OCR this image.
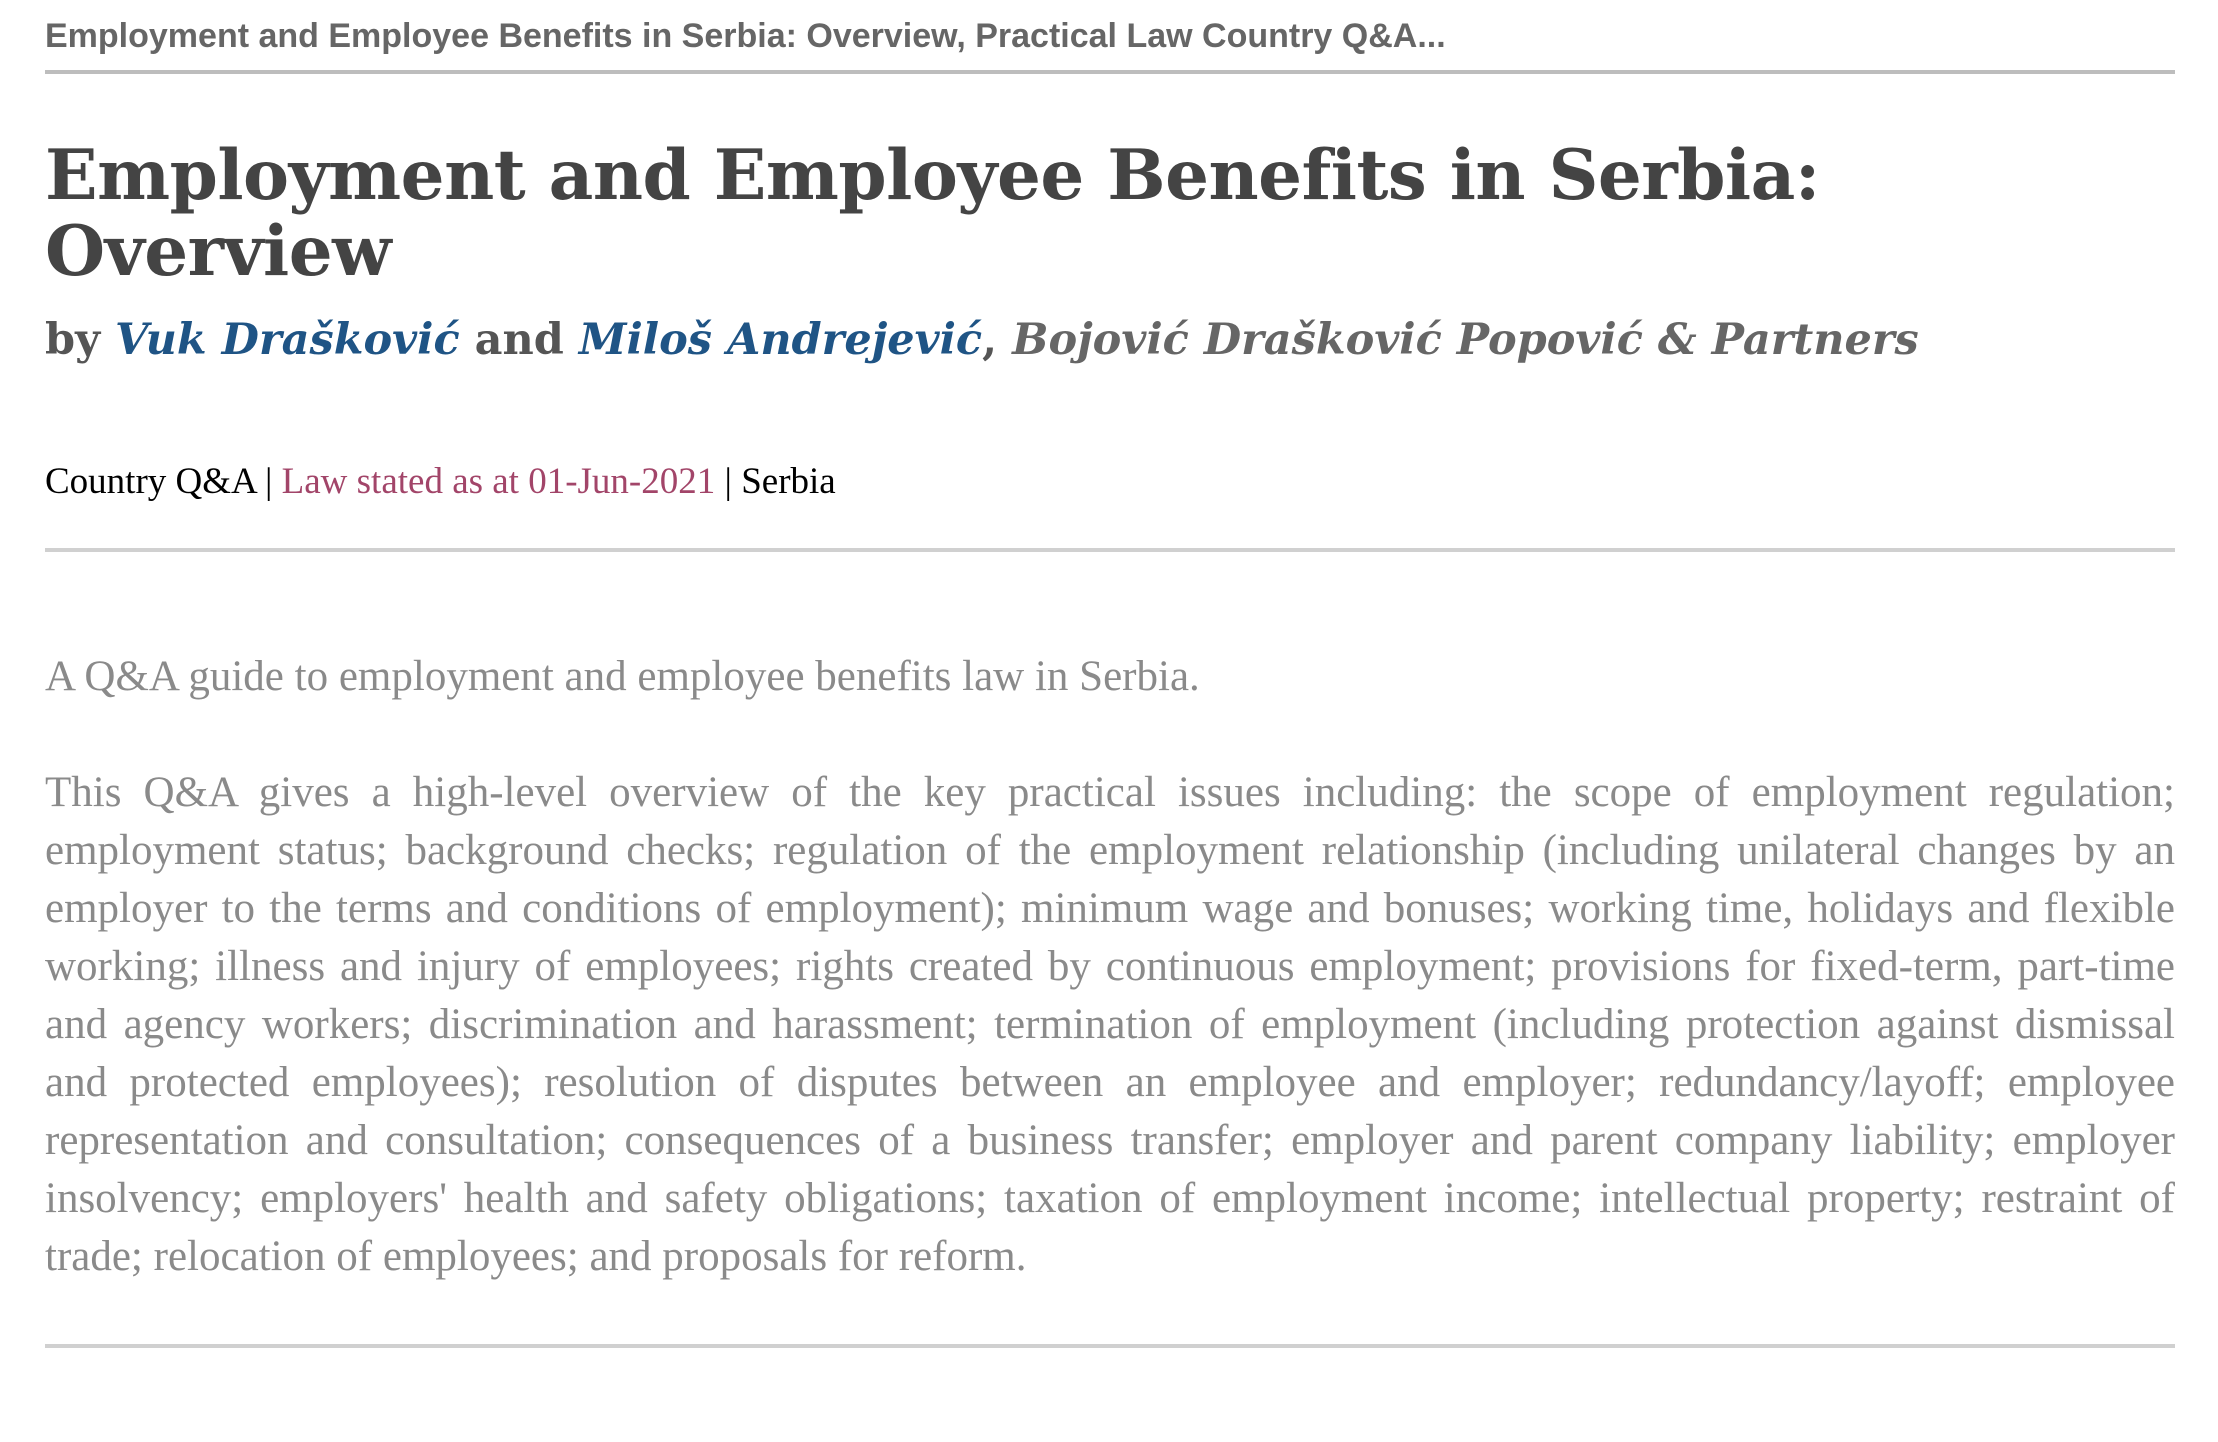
Employment and Employee Benefits in Serbia: Overview, Practical Law Country Q&A...
Employment and Employee Benefits in Serbia: Overview
by Vuk Drašković and Miloš Andrejević, Bojović Drašković Popović & Partners
Country Q&A | Law stated as at 01-Jun-2021 | Serbia

A Q&A guide to employment and employee benefits law in Serbia.

This Q&A gives a high-level overview of the key practical issues including: the scope of employment regulation; employment status; background checks; regulation of the employment relationship (including unilateral changes by an employer to the terms and conditions of employment); minimum wage and bonuses; working time, holidays and flexible working; illness and injury of employees; rights created by continuous employment; provisions for fixed-term, part-time and agency workers; discrimination and harassment; termination of employment (including protection against dismissal and protected employees); resolution of disputes between an employee and employer; redundancy/layoff; employee representation and consultation; consequences of a business transfer; employer and parent company liability; employer insolvency; employers' health and safety obligations; taxation of employment income; intellectual property; restraint of trade; relocation of employees; and proposals for reform.
